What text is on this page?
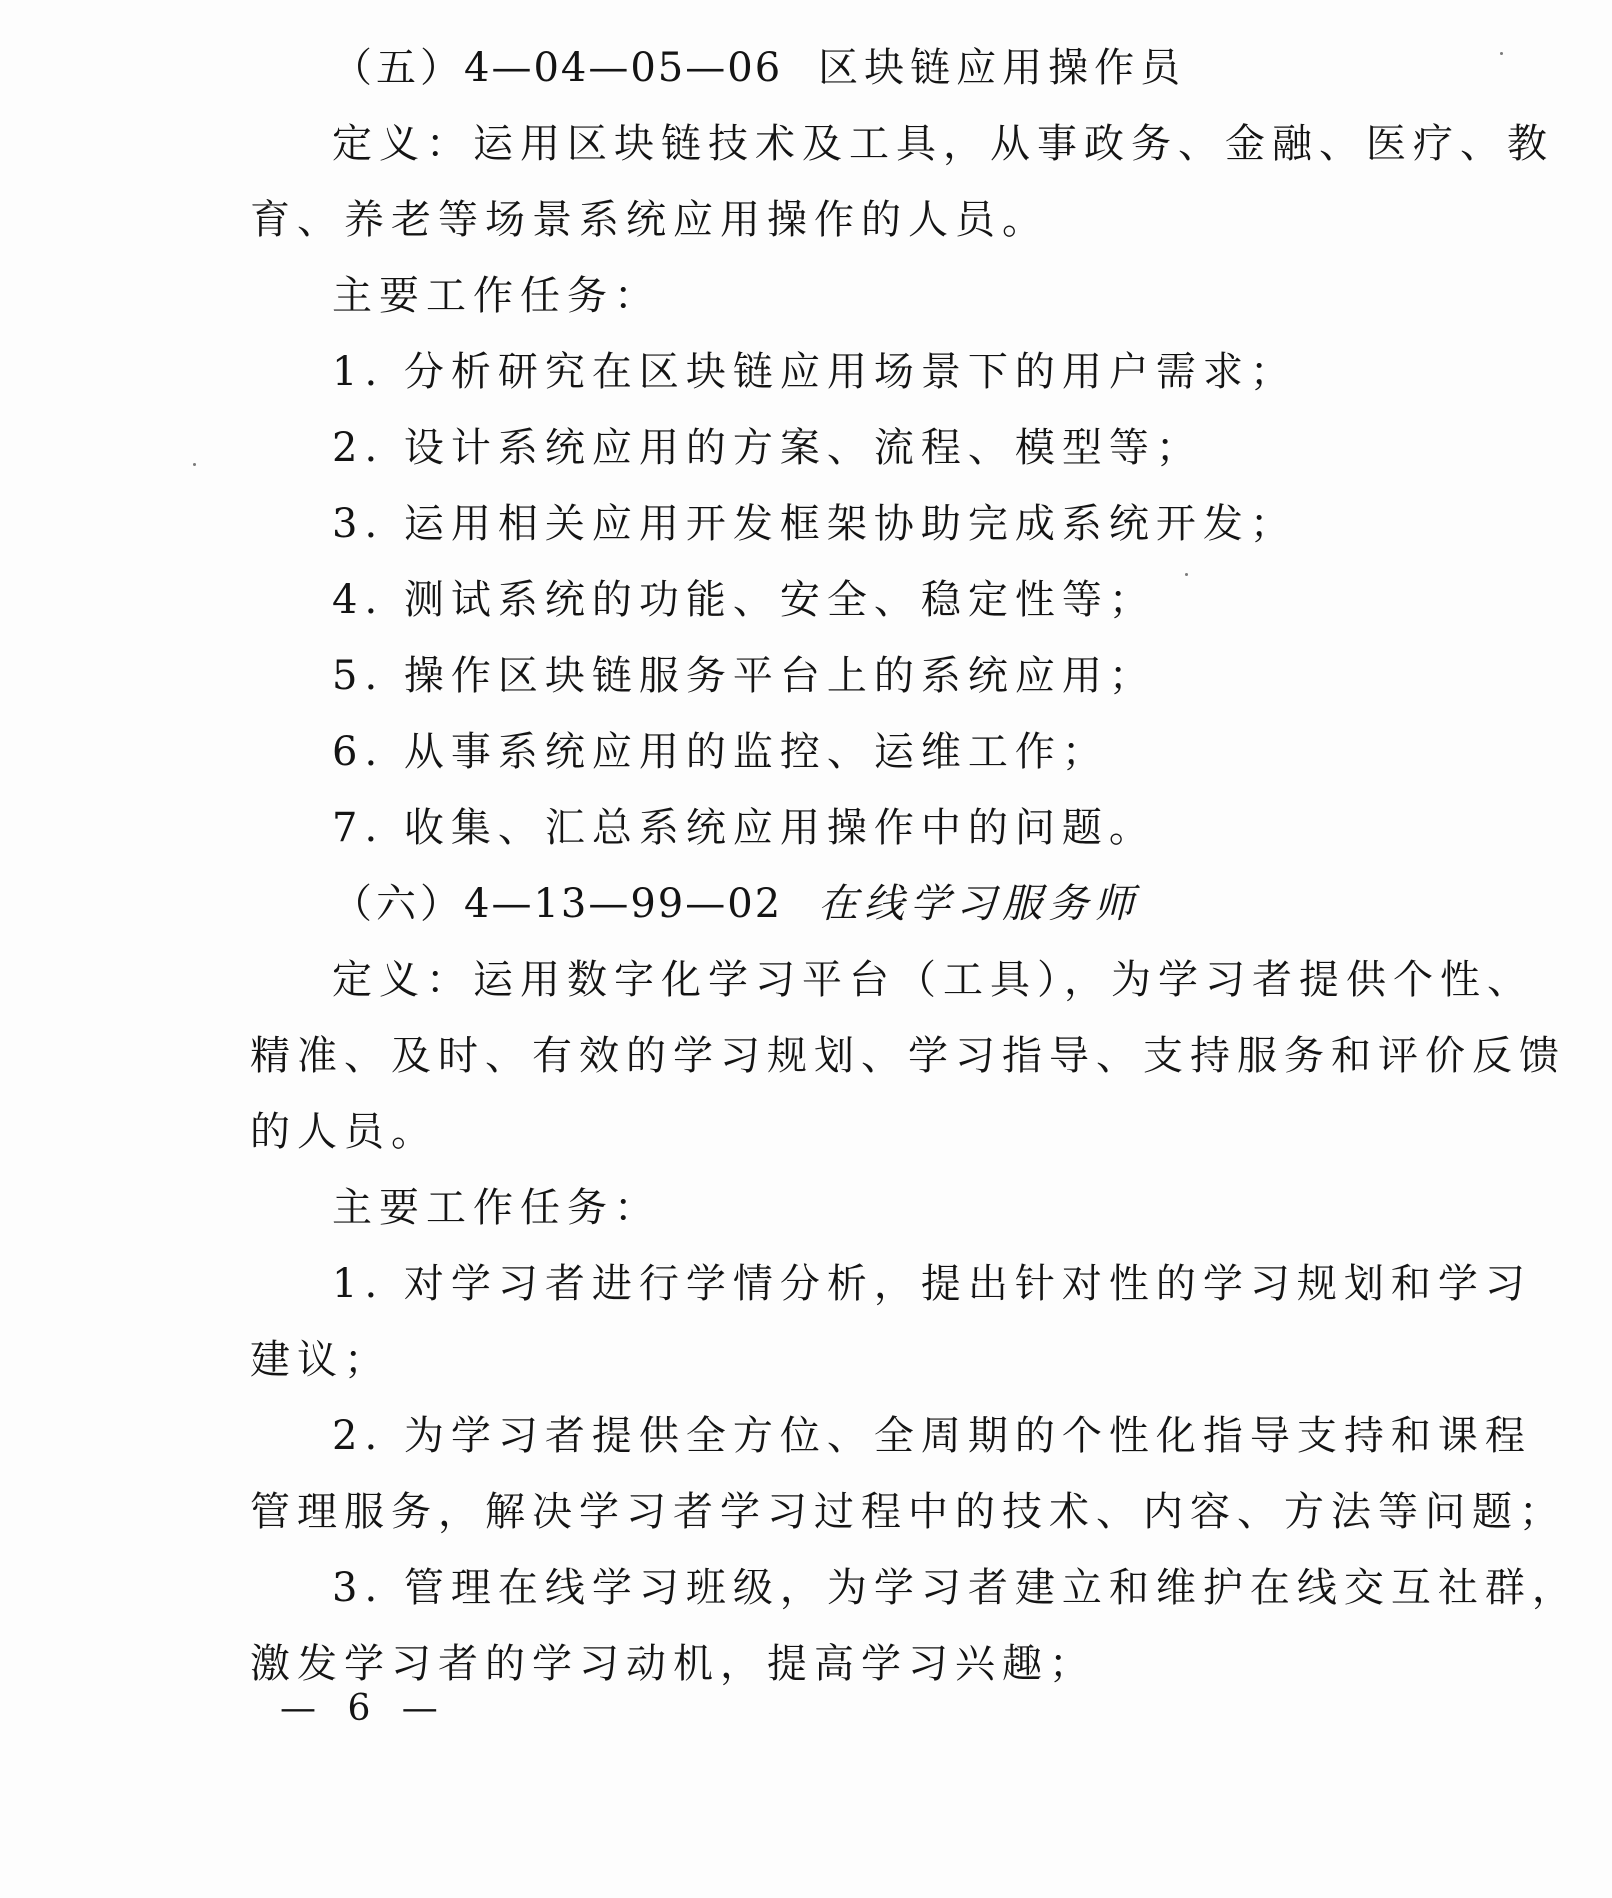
（五）4—04—05—06 区块链应用操作员
定义：运用区块链技术及工具，从事政务、金融、医疗、教
育、养老等场景系统应用操作的人员。
主要工作任务：
1. 分析研究在区块链应用场景下的用户需求；
2. 设计系统应用的方案、流程、模型等；
3. 运用相关应用开发框架协助完成系统开发；
4. 测试系统的功能、安全、稳定性等；
5. 操作区块链服务平台上的系统应用；
6. 从事系统应用的监控、运维工作；
7. 收集、汇总系统应用操作中的问题。
（六）4—13—99—02 在线学习服务师
定义：运用数字化学习平台（工具），为学习者提供个性、
精准、及时、有效的学习规划、学习指导、支持服务和评价反馈
的人员。
主要工作任务：
1. 对学习者进行学情分析，提出针对性的学习规划和学习
建议；
2. 为学习者提供全方位、全周期的个性化指导支持和课程
管理服务，解决学习者学习过程中的技术、内容、方法等问题；
3. 管理在线学习班级，为学习者建立和维护在线交互社群，
激发学习者的学习动机，提高学习兴趣；
— 6 —
